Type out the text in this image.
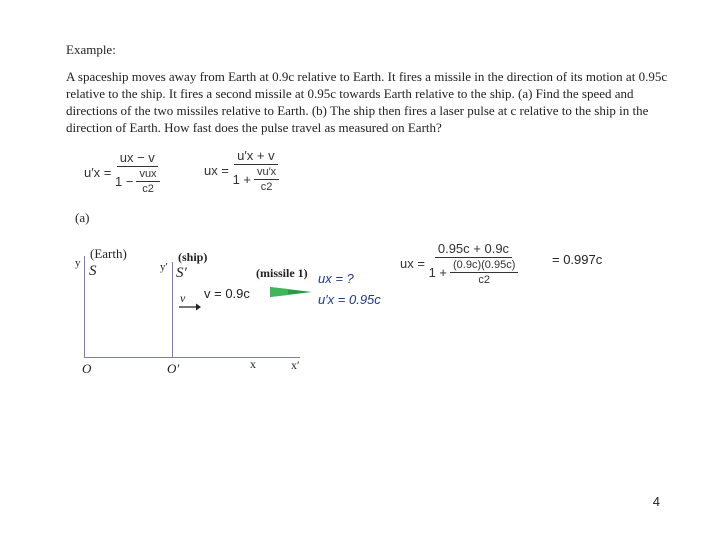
Example:
A spaceship moves away from Earth at 0.9c relative to Earth. It fires a missile in the direction of its motion at 0.95c relative to the ship. It fires a second missile at 0.95c towards Earth relative to the ship. (a) Find the speed and directions of the two missiles relative to Earth. (b) The ship then fires a laser pulse at c relative to the ship in the direction of Earth. How fast does the pulse travel as measured on Earth?
$u'x = \frac{ux - v}{1 - \frac{\text{vux}}{c2}}$	ux = $\frac{u'x + v}{1 + \frac{vu'x}{c2}}$
(a)
(Earth)
y S
O
(ship)
y′ S′
O′
v v = 0.9c
(missile 1) ux = ?
u′x = 0.95c
x	x′
ux = $\frac{0.95c + 0.9c}{1 + \frac{(0.9c)(0.95c)}{c2}}$	= 0.997c
4
